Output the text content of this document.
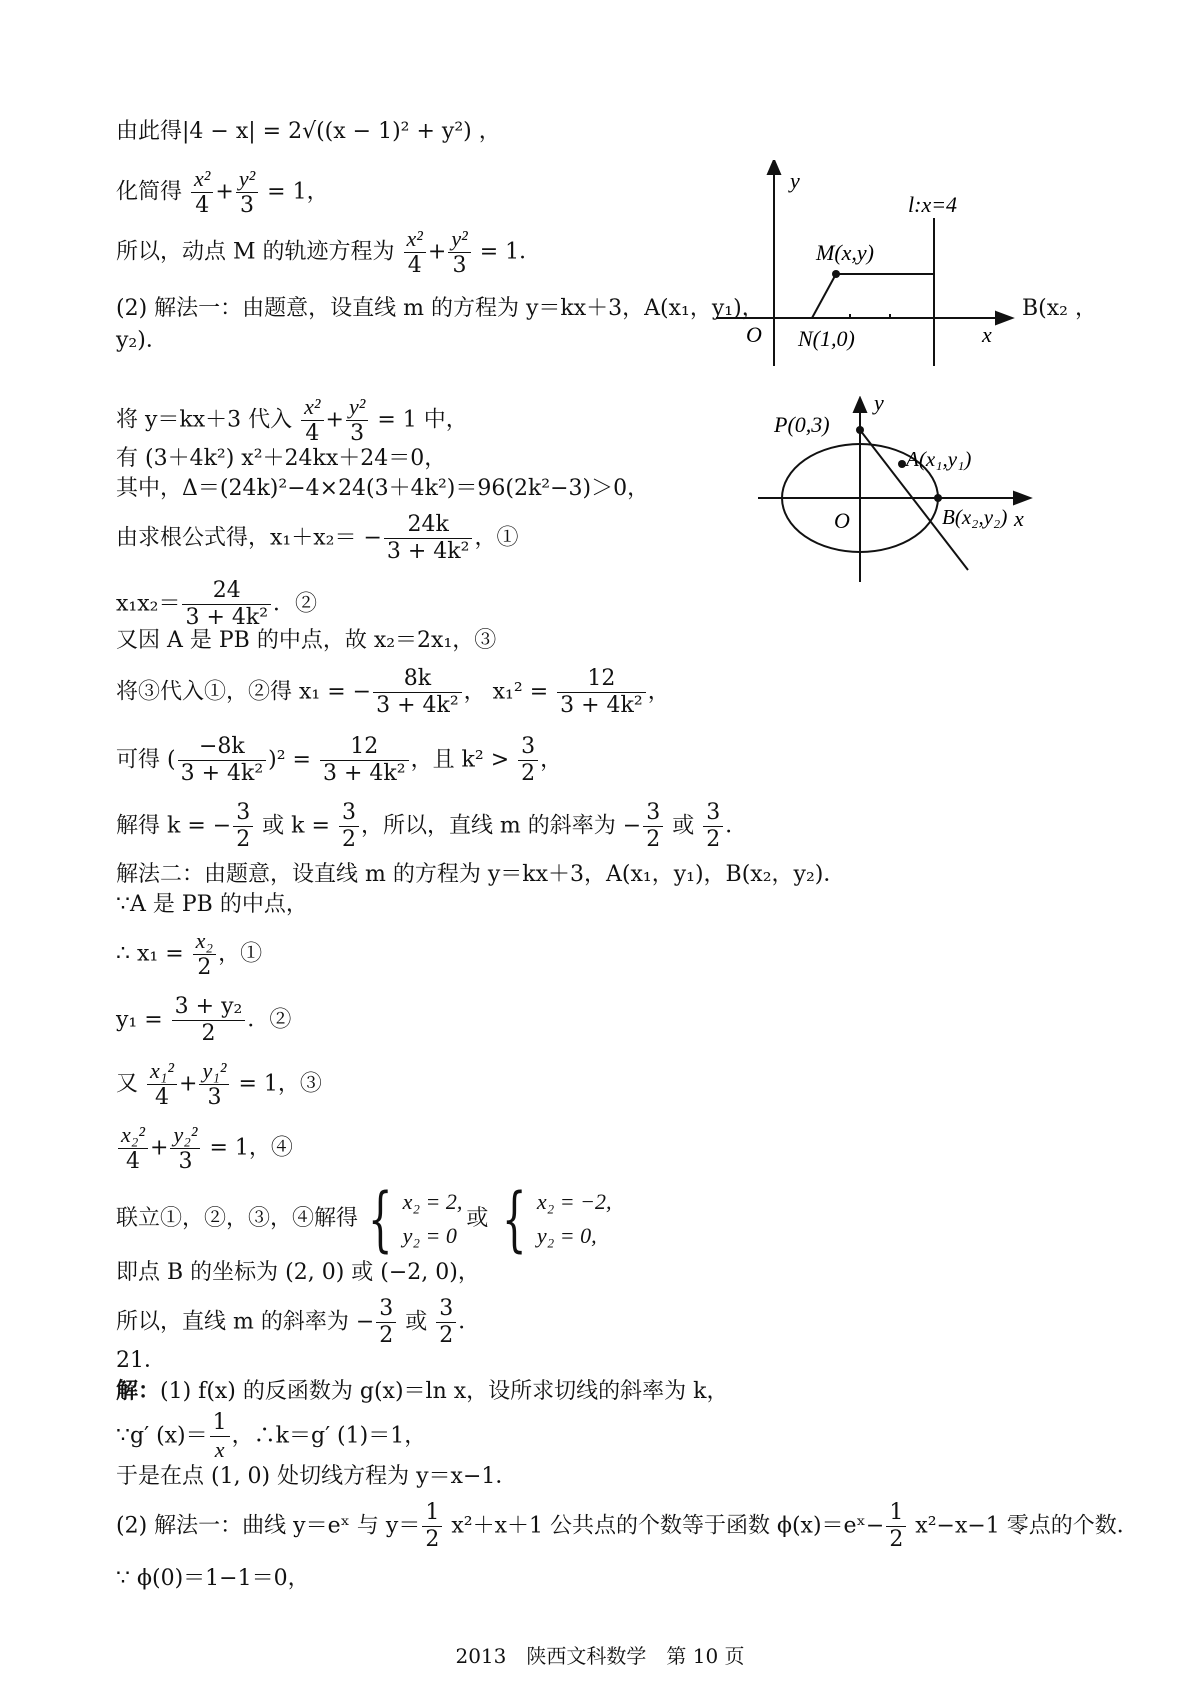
由此得|4 − x| = 2√((x − 1)² + y²) ，
化简得 $\frac{\text{x²}}{4} + \frac{\text{y²}}{3} = 1$，
所以，动点 M 的轨迹方程为 $\frac{\text{x²}}{4} + \frac{\text{y²}}{3} = 1$．
(2) 解法一：由题意，设直线 m 的方程为 y＝kx＋3，A(x₁，y₁)，	B(x₂ ，
y₂)．
将 y＝kx＋3 代入 $\frac{\text{x²}}{4} + \frac{\text{y²}}{3} = 1$ 中，
有 (3＋4k²) x²＋24kx＋24＝0，
其中，Δ＝(24k)²−4×24(3＋4k²)＝96(2k²−3)＞0，
由求根公式得，$x_1+x_2= - \frac{24k}{\text{3 + 4k²}}$ ，①
$x_1x_2= \frac{24}{\text{3 + 4k²}}$ ．②
又因 A 是 PB 的中点，故 x₂＝2x₁，③
将③代入①，②得 x₁ = − $\frac{8k}{\text{3 + 4k²}}$ ， $x_1^2 = \frac{12}{\text{3 + 4k²}}$ ，
可得 ( $\frac{-8k}{\text{3 + 4k²}} )^2 = \frac{12}{\text{3 + 4k²}}$ ，且 $k^2 > \frac{3}{2}$ ，
解得 k = − $\frac{3}{2}$ 或 $k = \frac{3}{2}$ ，所以，直线 m 的斜率为 − $\frac{3}{2}$ 或 $\frac{3}{2}$ ．
解法二：由题意，设直线 m 的方程为 y＝kx＋3，A(x₁，y₁)，B(x₂，y₂)．
∵A 是 PB 的中点，
∴ $x_1 = \frac{\text{x₂}}{2}$ ，①
$y_1 = \frac{\text{3 + y₂}}{2}$ ．②
又 $\frac{\text{x₁²}}{4} + \frac{\text{y₁²}}{3} = 1$，③
$\frac{\text{x₂²}}{4} + \frac{\text{y₂²}}{3} = 1$，④
联立①，②，③，④解得 { x₂ = 2,
y₂ = 0
或 { x₂ = −2,
y₂ = 0,
即点 B 的坐标为 (2, 0) 或 (−2, 0)，
所以，直线 m 的斜率为 − $\frac{3}{2}$ 或 $\frac{3}{2}$ ．
21．
解：(1) f(x) 的反函数为 g(x)＝ln x，设所求切线的斜率为 k，
∵g′ $(x)= \frac{1}{x}$ ，∴k＝g′ (1)＝1，
于是在点 (1, 0) 处切线方程为 y＝x−1．
(2) 解法一：曲线 y＝eˣ 与 $y= \frac{1}{2} x^2+x+1$ 公共点的个数等于函数 ϕ(x)＝eˣ− $\frac{1}{2} x^2-x-1$ 零点的个数．
∵ ϕ(0)＝1−1＝0，
y
x
O
l:x=4
M(x,y)
N(1,0)
y
x
O
P(0,3)
A(x₁,y₁)
B(x₂,y₂)
2013　陕西文科数学　第 10 页
